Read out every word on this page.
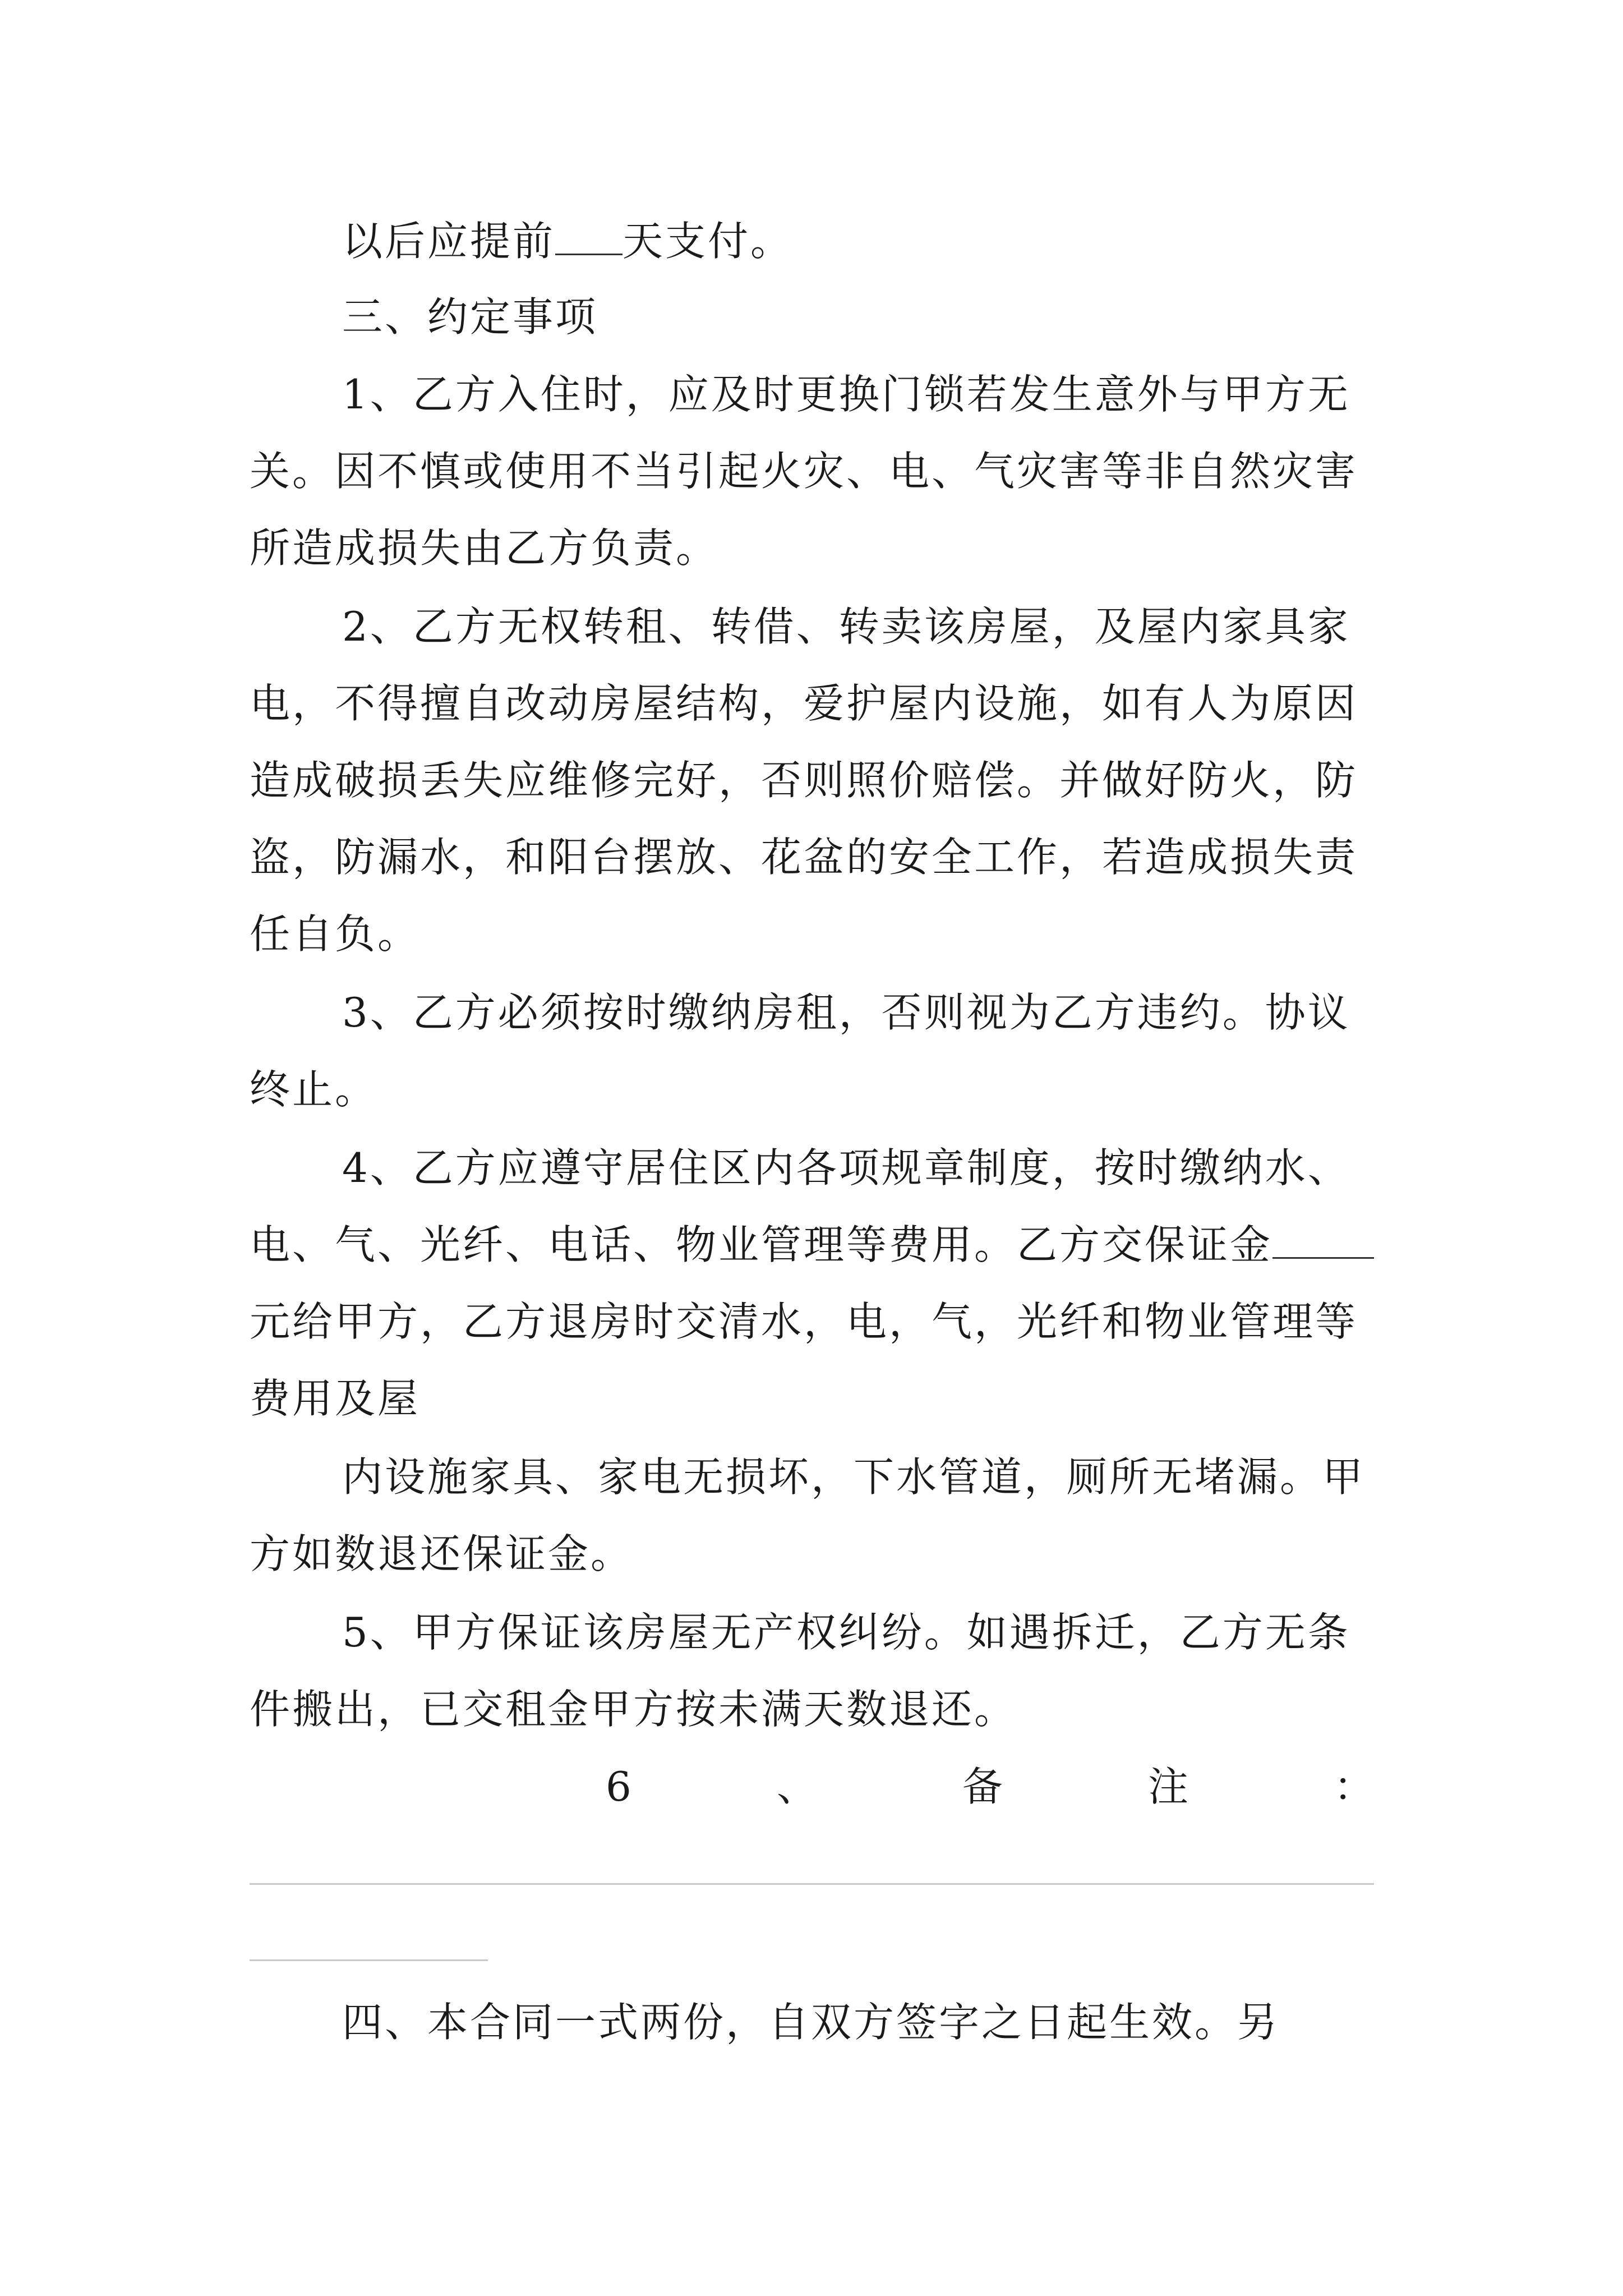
以后应提前 天支付。
三、约定事项
1、乙方入住时，应及时更换门锁若发生意外与甲方无
关。因不慎或使用不当引起火灾、电、气灾害等非自然灾害
所造成损失由乙方负责。
2、乙方无权转租、转借、转卖该房屋，及屋内家具家
电，不得擅自改动房屋结构，爱护屋内设施，如有人为原因
造成破损丢失应维修完好，否则照价赔偿。并做好防火，防
盗，防漏水，和阳台摆放、花盆的安全工作，若造成损失责
任自负。
3、乙方必须按时缴纳房租，否则视为乙方违约。协议
终止。
4、乙方应遵守居住区内各项规章制度，按时缴纳水、
电、气、光纤、电话、物业管理等费用。乙方交保证金
元给甲方，乙方退房时交清水，电，气，光纤和物业管理等
费用及屋
内设施家具、家电无损坏，下水管道，厕所无堵漏。甲
方如数退还保证金。
5、甲方保证该房屋无产权纠纷。如遇拆迁，乙方无条
件搬出，已交租金甲方按未满天数退还。
6	、	备	注	：
四、本合同一式两份，自双方签字之日起生效。另
